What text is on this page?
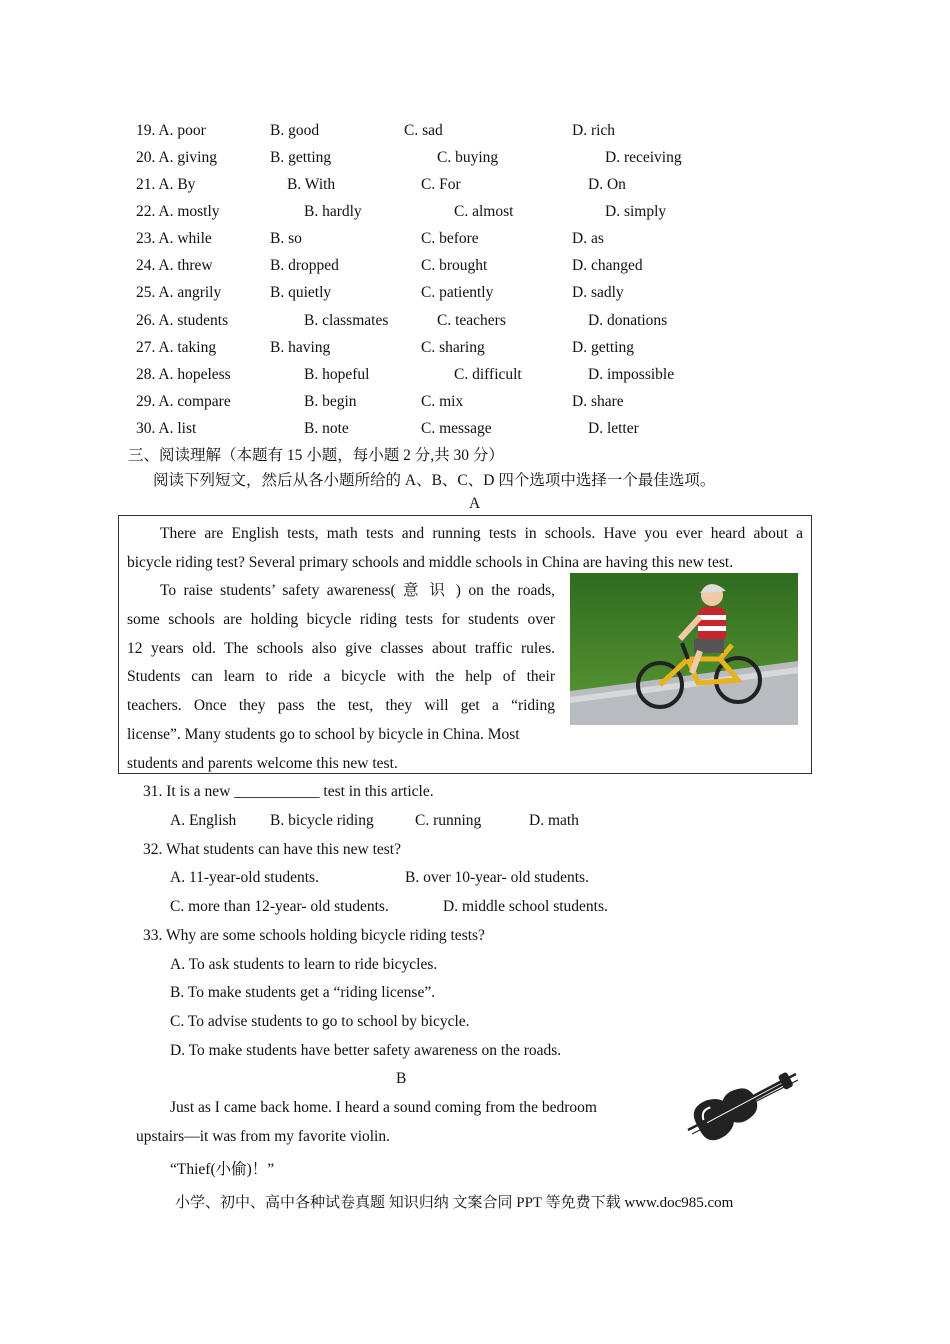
19. A. poor	B. good	C. sad	D. rich
20. A. giving	B. getting	C. buying	D. receiving
21. A. By	B. With	C. For	D. On
22. A. mostly	B. hardly	C. almost	D. simply
23. A. while	B. so	C. before	D. as
24. A. threw	B. dropped	C. brought	D. changed
25. A. angrily	B. quietly	C. patiently	D. sadly
26. A. students	B. classmates	C. teachers	D. donations
27. A. taking	B. having	C. sharing	D. getting
28. A. hopeless	B. hopeful	C. difficult	D. impossible
29. A. compare	B. begin	C. mix	D. share
30. A. list	B. note	C. message	D. letter
三、阅读理解（本题有 15 小题，每小题 2 分,共 30 分）
阅读下列短文，然后从各小题所给的 A、B、C、D 四个选项中选择一个最佳选项。
A
There are English tests, math tests and running tests in schools. Have you ever heard about a
bicycle riding test? Several primary schools and middle schools in China are having this new test.
To raise students’ safety awareness( 意 识 ) on the roads,
some schools are holding bicycle riding tests for students over
12 years old. The schools also give classes about traffic rules.
Students can learn to ride a bicycle with the help of their
teachers. Once they pass the test, they will get a “riding
license”. Many students go to school by bicycle in China. Most
students and parents welcome this new test.
31. It is a new ___________ test in this article.
A. English B. bicycle riding	C. running	D. math
32. What students can have this new test?
A. 11-year-old students.	B. over 10-year- old students.
C. more than 12-year- old students.	D. middle school students.
33. Why are some schools holding bicycle riding tests?
A. To ask students to learn to ride bicycles.
B. To make students get a “riding license”.
C. To advise students to go to school by bicycle.
D. To make students have better safety awareness on the roads.
B
Just as I came back home. I heard a sound coming from the bedroom
upstairs—it was from my favorite violin.
“Thief(小偷)！”
小学、初中、高中各种试卷真题 知识归纳 文案合同 PPT 等免费下载 www.doc985.com
